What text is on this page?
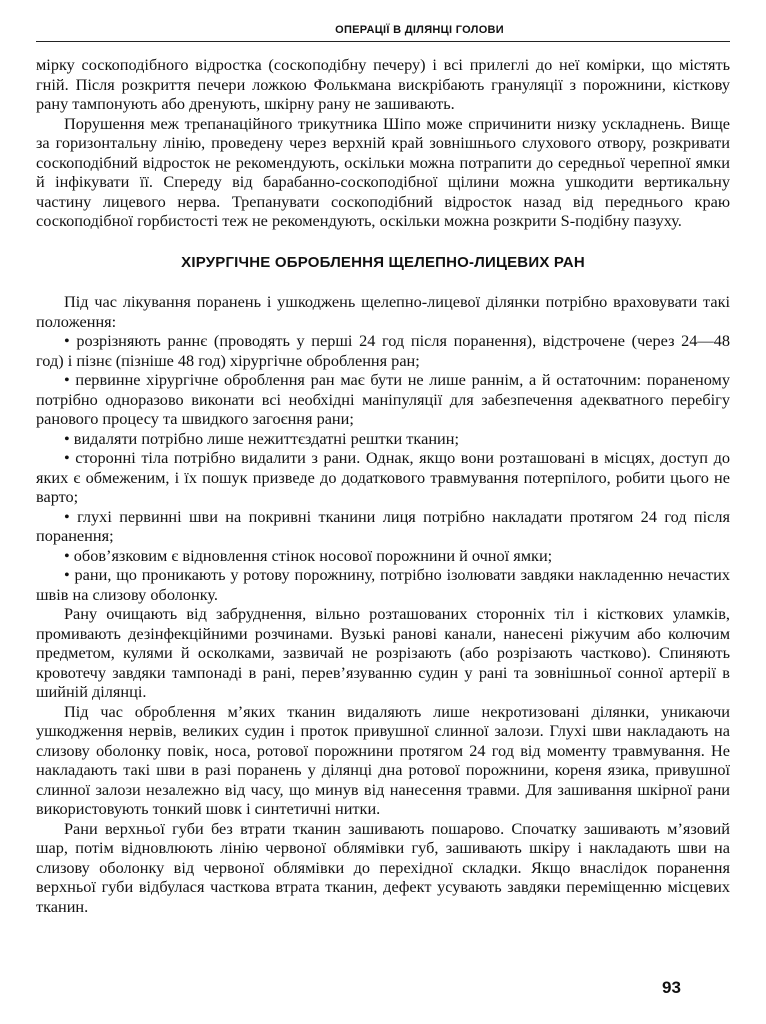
ОПЕРАЦІЇ В ДІЛЯНЦІ ГОЛОВИ

мірку соскоподібного відростка (соскоподібну печеру) і всі прилеглі до неї комірки, що містять гній. Після розкриття печери ложкою Фолькмана вискрібають грануляції з порожнини, кісткову рану тампонують або дренують, шкірну рану не зашивають.

Порушення меж трепанаційного трикутника Шіпо може спричинити низку ускладнень. Вище за горизонтальну лінію, проведену через верхній край зовнішнього слухового отвору, розкривати соскоподібний відросток не рекомендують, оскільки можна потрапити до середньої черепної ямки й інфікувати її. Спереду від барабанно-соскоподібної щілини можна ушкодити вертикальну частину лицевого нерва. Трепанувати соскоподібний відросток назад від переднього краю соскоподібної горбистості теж не рекомендують, оскільки можна розкрити S-подібну пазуху.

ХІРУРГІЧНЕ ОБРОБЛЕННЯ ЩЕЛЕПНО-ЛИЦЕВИХ РАН

Під час лікування поранень і ушкоджень щелепно-лицевої ділянки потрібно враховувати такі положення:

• розрізняють раннє (проводять у перші 24 год після поранення), відстрочене (через 24—48 год) і пізнє (пізніше 48 год) хірургічне оброблення ран;

• первинне хірургічне оброблення ран має бути не лише раннім, а й остаточним: пораненому потрібно одноразово виконати всі необхідні маніпуляції для забезпечення адекватного перебігу ранового процесу та швидкого загоєння рани;

• видаляти потрібно лише нежиттєздатні рештки тканин;

• сторонні тіла потрібно видалити з рани. Однак, якщо вони розташовані в місцях, доступ до яких є обмеженим, і їх пошук призведе до додаткового травмування потерпілого, робити цього не варто;

• глухі первинні шви на покривні тканини лиця потрібно накладати протягом 24 год після поранення;

• обов’язковим є відновлення стінок носової порожнини й очної ямки;

• рани, що проникають у ротову порожнину, потрібно ізолювати завдяки накладенню нечастих швів на слизову оболонку.

Рану очищають від забруднення, вільно розташованих сторонніх тіл і кісткових уламків, промивають дезінфекційними розчинами. Вузькі ранові канали, нанесені ріжучим або колючим предметом, кулями й осколками, зазвичай не розрізають (або розрізають частково). Спиняють кровотечу завдяки тампонаді в рані, перев’язуванню судин у рані та зовнішньої сонної артерії в шийній ділянці.

Під час оброблення м’яких тканин видаляють лише некротизовані ділянки, уникаючи ушкодження нервів, великих судин і проток привушної слинної залози. Глухі шви накладають на слизову оболонку повік, носа, ротової порожнини протягом 24 год від моменту травмування. Не накладають такі шви в разі поранень у ділянці дна ротової порожнини, кореня язика, привушної слинної залози незалежно від часу, що минув від нанесення травми. Для зашивання шкірної рани використовують тонкий шовк і синтетичні нитки.

Рани верхньої губи без втрати тканин зашивають пошарово. Спочатку зашивають м’язовий шар, потім відновлюють лінію червоної облямівки губ, зашивають шкіру і накладають шви на слизову оболонку від червоної облямівки до перехідної складки. Якщо внаслідок поранення верхньої губи відбулася часткова втрата тканин, дефект усувають завдяки переміщенню місцевих тканин.

93
